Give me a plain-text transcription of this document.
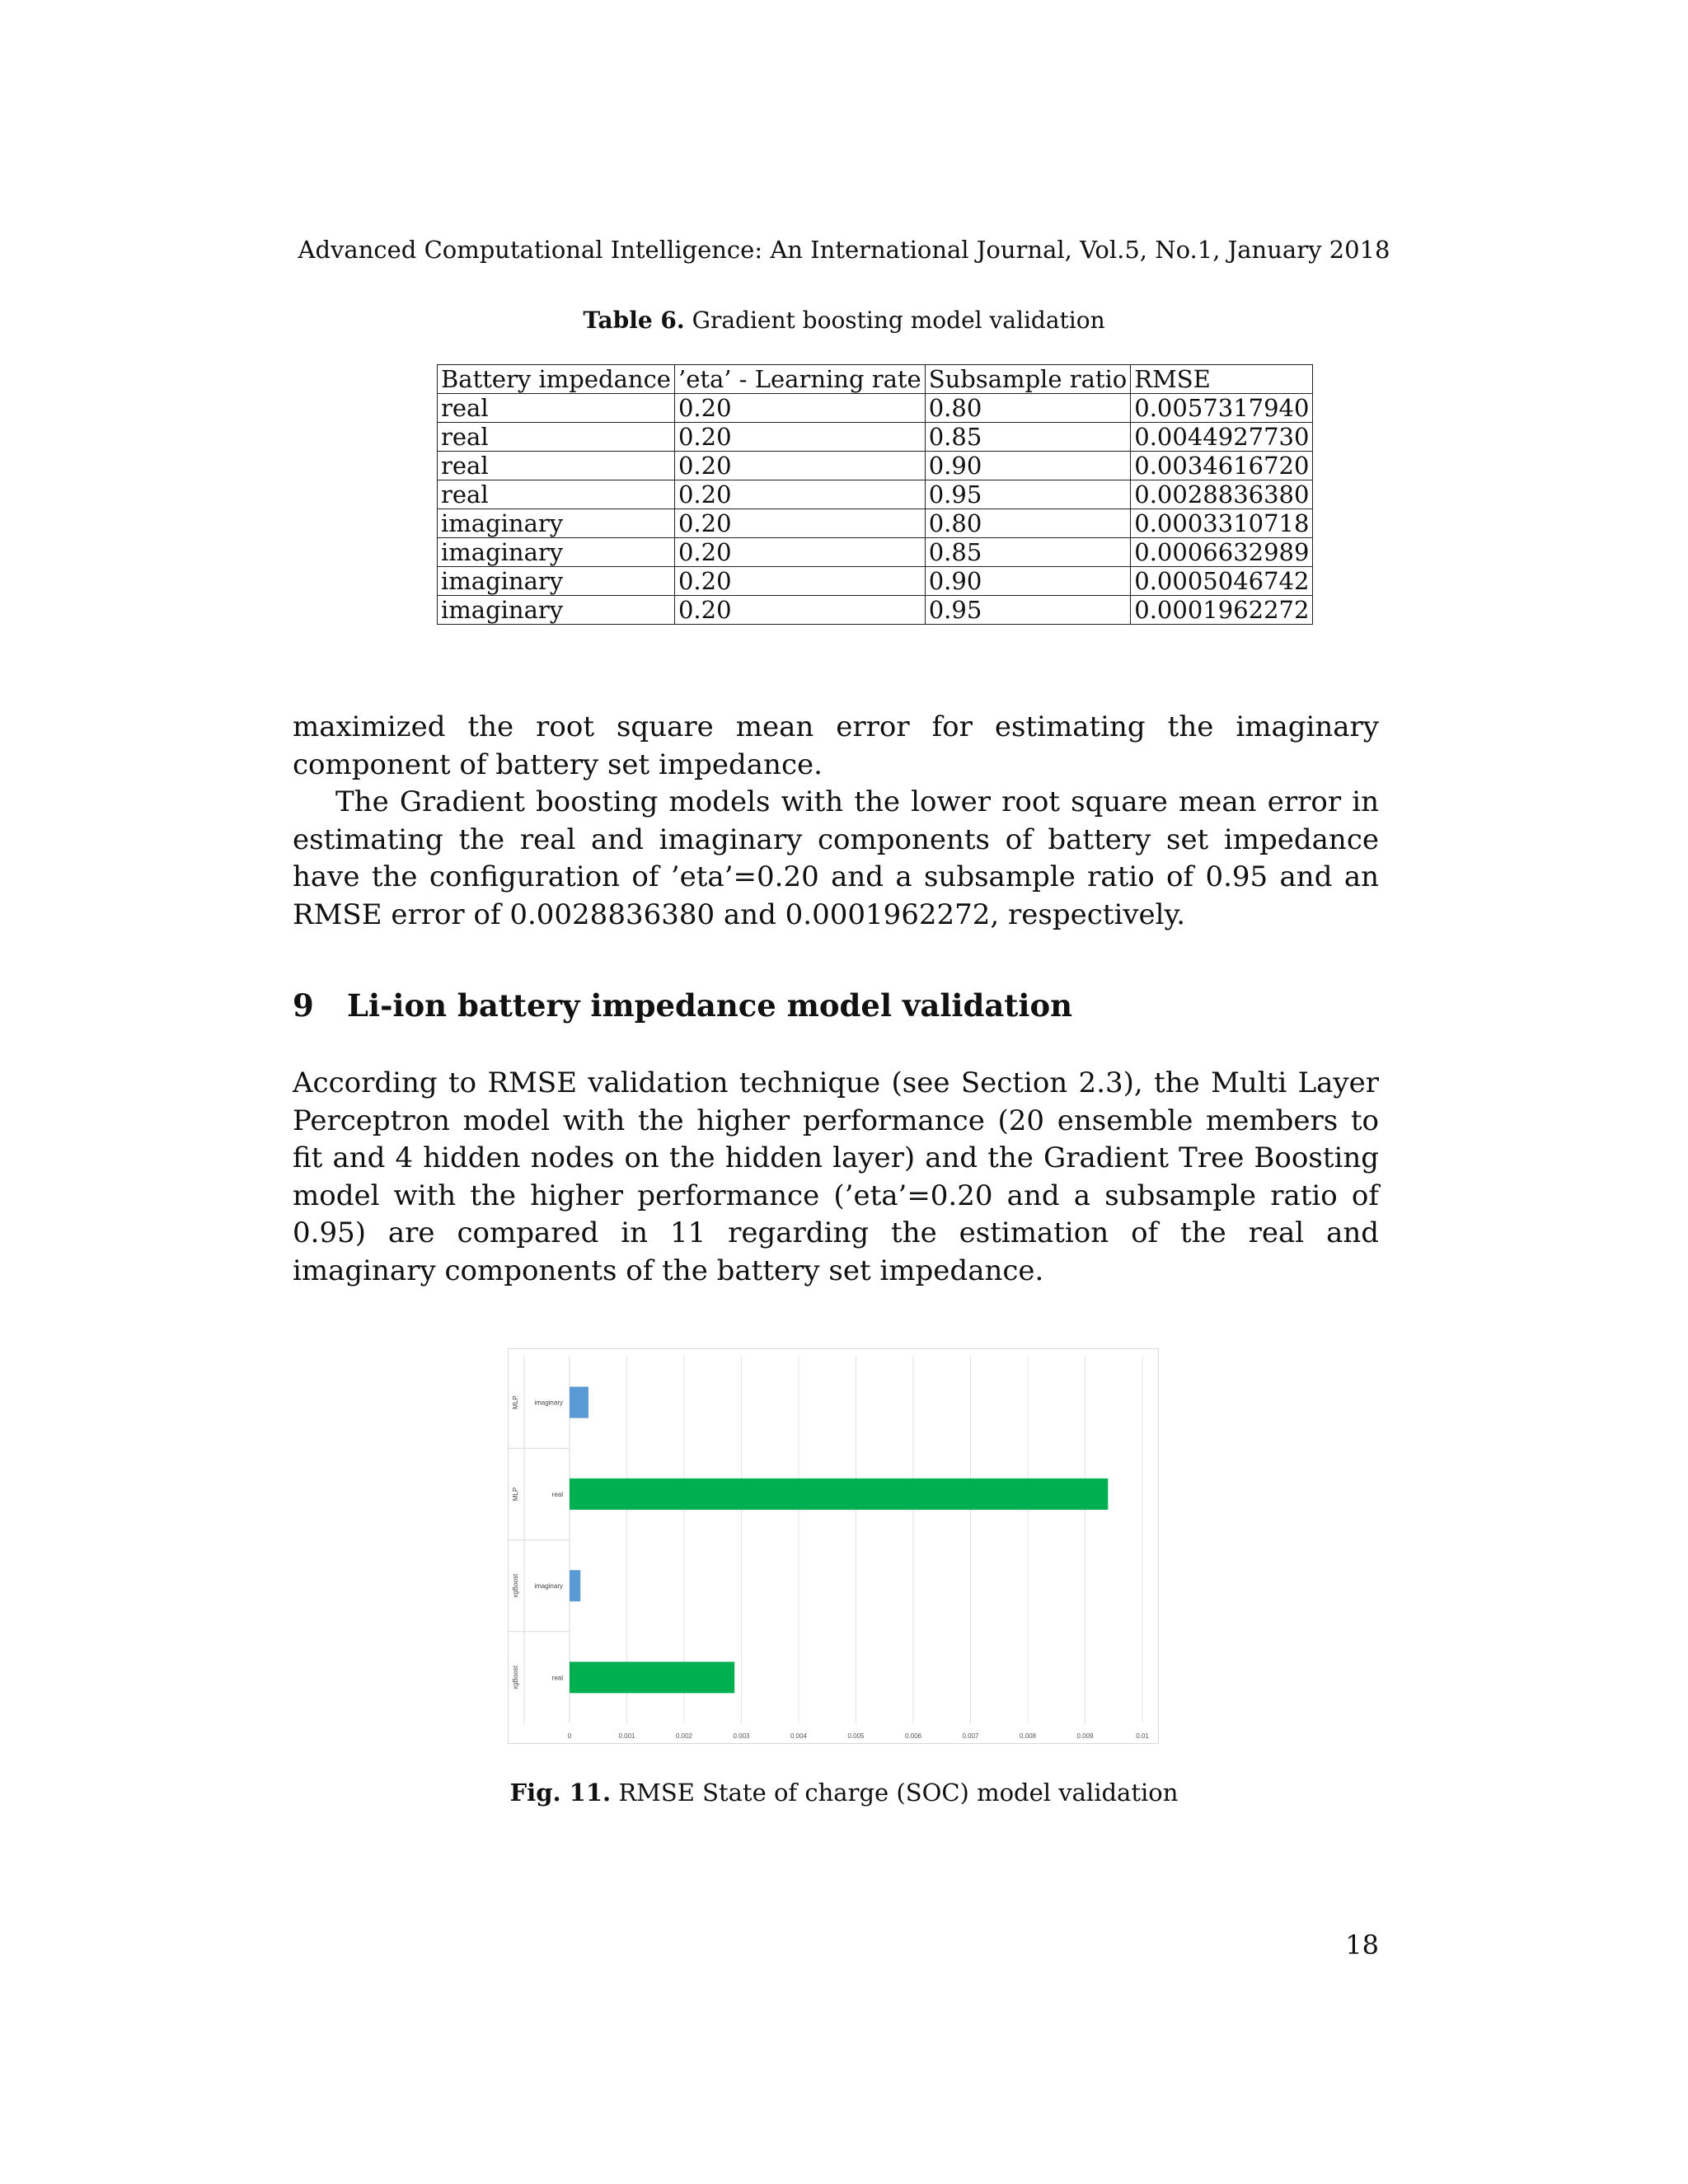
Advanced Computational Intelligence: An International Journal, Vol.5, No.1, January 2018
Table 6. Gradient boosting model validation
Battery impedance	’eta’ - Learning rate	Subsample ratio	RMSE
real	0.20	0.80	0.0057317940
real	0.20	0.85	0.0044927730
real	0.20	0.90	0.0034616720
real	0.20	0.95	0.0028836380
imaginary	0.20	0.80	0.0003310718
imaginary	0.20	0.85	0.0006632989
imaginary	0.20	0.90	0.0005046742
imaginary	0.20	0.95	0.0001962272

maximized the root square mean error for estimating the imaginary component of battery set impedance.

The Gradient boosting models with the lower root square mean error in estimating the real and imaginary components of battery set impedance have the configuration of ’eta’=0.20 and a subsample ratio of 0.95 and an RMSE error of 0.0028836380 and 0.0001962272, respectively.

9 Li-ion battery impedance model validation

According to RMSE validation technique (see Section 2.3), the Multi Layer Perceptron model with the higher performance (20 ensemble members to fit and 4 hidden nodes on the hidden layer) and the Gradient Tree Boosting model with the higher performance (’eta’=0.20 and a subsample ratio of 0.95) are compared in 11 regarding the estimation of the real and imaginary components of the battery set impedance.

MLP imaginary
MLP	real
xgBoost imaginary
xgBoost	real
0	0.001	0.002	0.003	0.004	0.005	0.006	0.007	0.008	0.009	0.01
Fig. 11. RMSE State of charge (SOC) model validation
18
